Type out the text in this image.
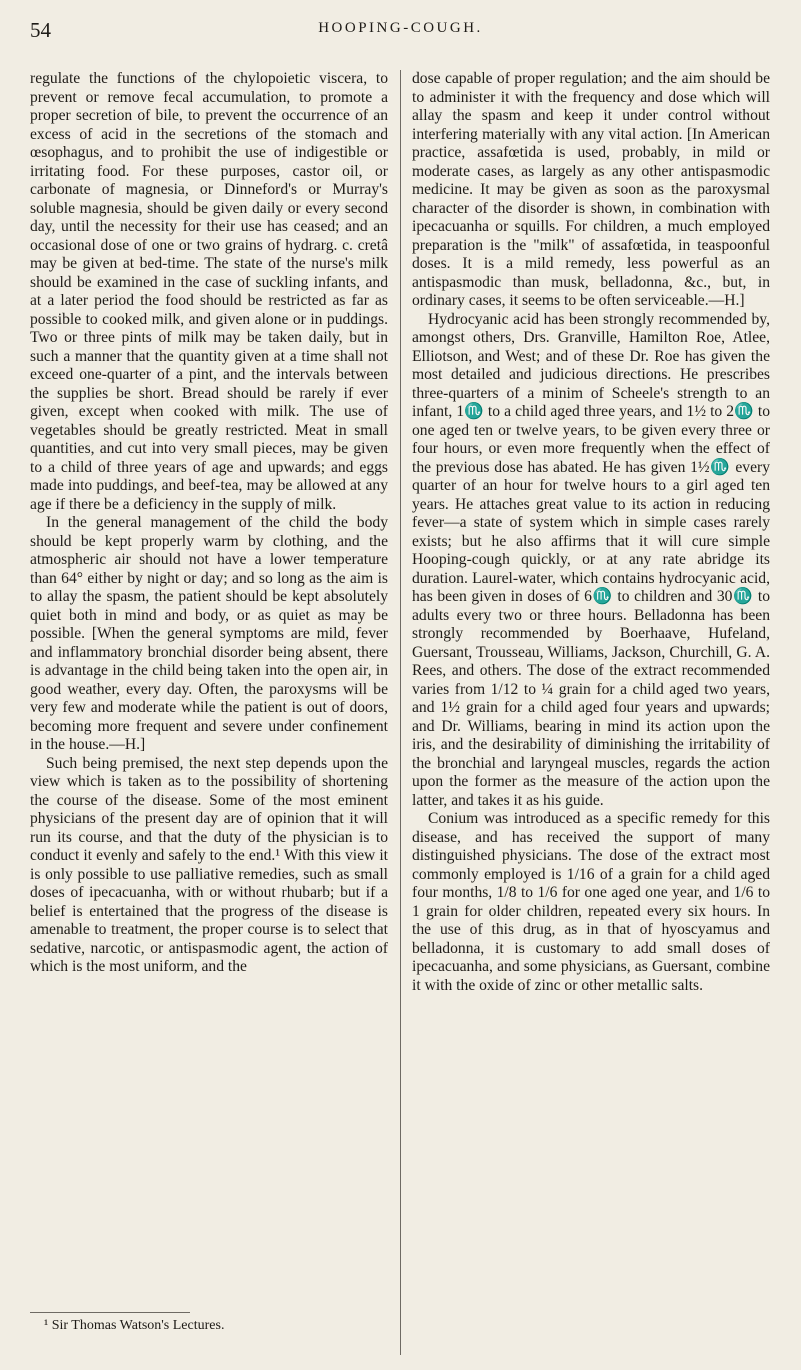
54	HOOPING-COUGH.

regulate the functions of the chylopoietic viscera, to prevent or remove fecal accumulation, to promote a proper secretion of bile, to prevent the occurrence of an excess of acid in the secretions of the stomach and œsophagus, and to prohibit the use of indigestible or irritating food. For these purposes, castor oil, or carbonate of magnesia, or Dinneford's or Murray's soluble magnesia, should be given daily or every second day, until the necessity for their use has ceased; and an occasional dose of one or two grains of hydrarg. c. cretâ may be given at bed-time. The state of the nurse's milk should be examined in the case of suckling infants, and at a later period the food should be restricted as far as possible to cooked milk, and given alone or in puddings. Two or three pints of milk may be taken daily, but in such a manner that the quantity given at a time shall not exceed one-quarter of a pint, and the intervals between the supplies be short. Bread should be rarely if ever given, except when cooked with milk. The use of vegetables should be greatly restricted. Meat in small quantities, and cut into very small pieces, may be given to a child of three years of age and upwards; and eggs made into puddings, and beef-tea, may be allowed at any age if there be a deficiency in the supply of milk.

In the general management of the child the body should be kept properly warm by clothing, and the atmospheric air should not have a lower temperature than 64° either by night or day; and so long as the aim is to allay the spasm, the patient should be kept absolutely quiet both in mind and body, or as quiet as may be possible. [When the general symptoms are mild, fever and inflammatory bronchial disorder being absent, there is advantage in the child being taken into the open air, in good weather, every day. Often, the paroxysms will be very few and moderate while the patient is out of doors, becoming more frequent and severe under confinement in the house.—H.]

Such being premised, the next step depends upon the view which is taken as to the possibility of shortening the course of the disease. Some of the most eminent physicians of the present day are of opinion that it will run its course, and that the duty of the physician is to conduct it evenly and safely to the end.¹ With this view it is only possible to use palliative remedies, such as small doses of ipecacuanha, with or without rhubarb; but if a belief is entertained that the progress of the disease is amenable to treatment, the proper course is to select that sedative, narcotic, or antispasmodic agent, the action of which is the most uniform, and the

¹ Sir Thomas Watson's Lectures.

dose capable of proper regulation; and the aim should be to administer it with the frequency and dose which will allay the spasm and keep it under control without interfering materially with any vital action. [In American practice, assafœtida is used, probably, in mild or moderate cases, as largely as any other antispasmodic medicine. It may be given as soon as the paroxysmal character of the disorder is shown, in combination with ipecacuanha or squills. For children, a much employed preparation is the "milk" of assafœtida, in teaspoonful doses. It is a mild remedy, less powerful as an antispasmodic than musk, belladonna, &c., but, in ordinary cases, it seems to be often serviceable.—H.]

Hydrocyanic acid has been strongly recommended by, amongst others, Drs. Granville, Hamilton Roe, Atlee, Elliotson, and West; and of these Dr. Roe has given the most detailed and judicious directions. He prescribes three-quarters of a minim of Scheele's strength to an infant, 1♏ to a child aged three years, and 1½ to 2♏ to one aged ten or twelve years, to be given every three or four hours, or even more frequently when the effect of the previous dose has abated. He has given 1½♏ every quarter of an hour for twelve hours to a girl aged ten years. He attaches great value to its action in reducing fever—a state of system which in simple cases rarely exists; but he also affirms that it will cure simple Hooping-cough quickly, or at any rate abridge its duration. Laurel-water, which contains hydrocyanic acid, has been given in doses of 6♏ to children and 30♏ to adults every two or three hours. Belladonna has been strongly recommended by Boerhaave, Hufeland, Guersant, Trousseau, Williams, Jackson, Churchill, G. A. Rees, and others. The dose of the extract recommended varies from 1/12 to ¼ grain for a child aged two years, and 1½ grain for a child aged four years and upwards; and Dr. Williams, bearing in mind its action upon the iris, and the desirability of diminishing the irritability of the bronchial and laryngeal muscles, regards the action upon the former as the measure of the action upon the latter, and takes it as his guide.

Conium was introduced as a specific remedy for this disease, and has received the support of many distinguished physicians. The dose of the extract most commonly employed is 1/16 of a grain for a child aged four months, 1/8 to 1/6 for one aged one year, and 1/6 to 1 grain for older children, repeated every six hours. In the use of this drug, as in that of hyoscyamus and belladonna, it is customary to add small doses of ipecacuanha, and some physicians, as Guersant, combine it with the oxide of zinc or other metallic salts.
